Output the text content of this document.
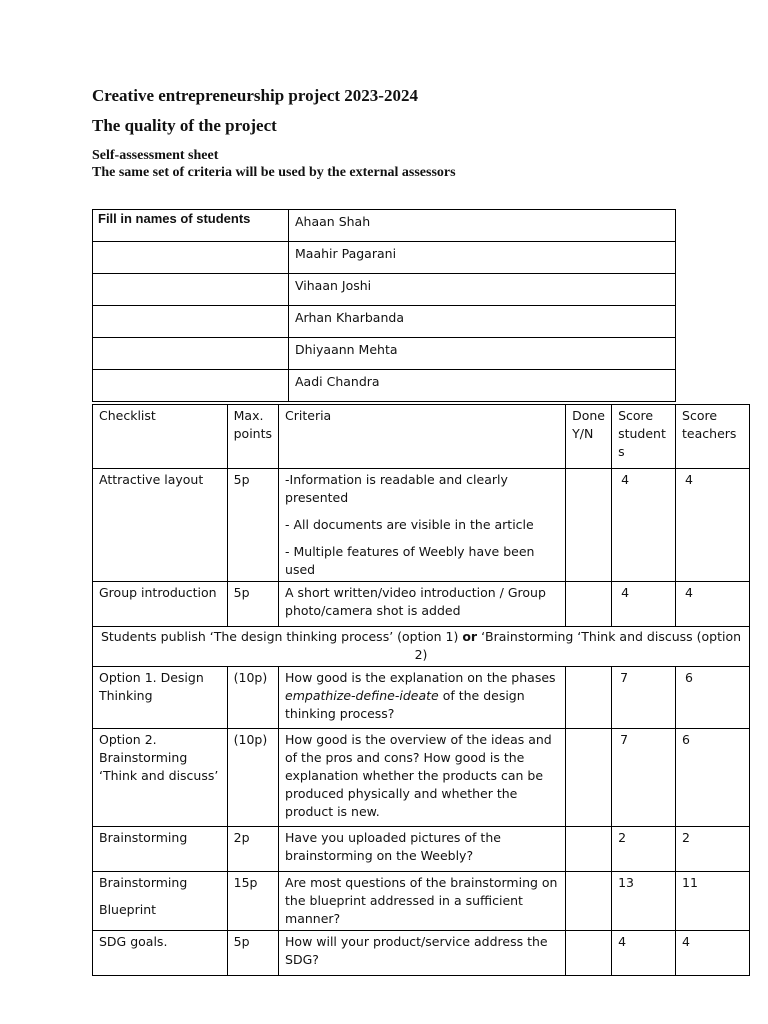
Creative entrepreneurship project 2023-2024
The quality of the project

Self-assessment sheet

The same set of criteria will be used by the external assessors

Fill in names of students	Ahaan Shah
	Maahir Pagarani
	Vihaan Joshi
	Arhan Kharbanda
	Dhiyaann Mehta
	Aadi Chandra
Checklist	Max. points	Criteria	Done Y/N	Score student s	Score teachers
Attractive layout	5p	-Information is readable and clearly presented

- All documents are visible in the article

- Multiple features of Weebly have been used		4	4
Group introduction	5p	A short written/video introduction / Group photo/camera shot is added		4	4
Students publish ‘The design thinking process’ (option 1) or ‘Brainstorming ‘Think and discuss (option 2)					
Option 1. Design Thinking	(10p)	How good is the explanation on the phases empathize-define-ideate of the design thinking process?		7	6
Option 2. Brainstorming ‘Think and discuss’	(10p)	How good is the overview of the ideas and of the pros and cons? How good is the explanation whether the products can be produced physically and whether the product is new.		7	6
Brainstorming	2p	Have you uploaded pictures of the brainstorming on the Weebly?		2	2

Brainstorming
Blueprint	15p	Are most questions of the brainstorming on the blueprint addressed in a sufficient manner?		13	11
SDG goals.	5p	How will your product/service address the SDG?		4	4
